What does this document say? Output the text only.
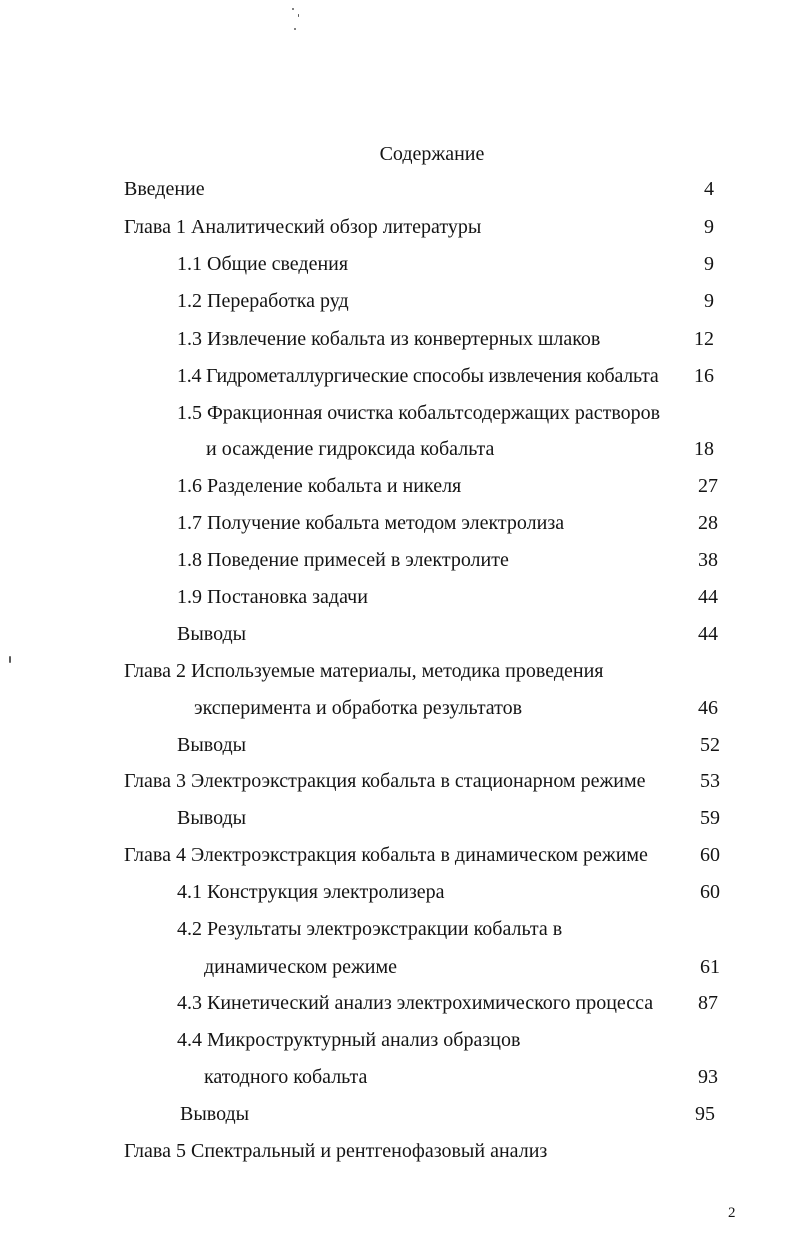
Содержание
Введение	4
Глава 1 Аналитический обзор литературы	9
1.1 Общие сведения	9
1.2 Переработка руд	9
1.3 Извлечение кобальта из конвертерных шлаков	12
1.4 Гидрометаллургические способы извлечения кобальта	16
1.5 Фракционная очистка кобальтсодержащих растворов
и осаждение гидроксида кобальта	18
1.6 Разделение кобальта и никеля	27
1.7 Получение кобальта методом электролиза	28
1.8 Поведение примесей в электролите	38
1.9 Постановка задачи	44
Выводы	44
Глава 2 Используемые материалы, методика проведения
эксперимента и обработка результатов	46
Выводы	52
Глава 3 Электроэкстракция кобальта в стационарном режиме	53
Выводы	59
Глава 4 Электроэкстракция кобальта в динамическом режиме	60
4.1 Конструкция электролизера	60
4.2 Результаты электроэкстракции кобальта в
динамическом режиме	61
4.3 Кинетический анализ электрохимического процесса	87
4.4 Микроструктурный анализ образцов
катодного кобальта	93
Выводы	95
Глава 5 Спектральный и рентгенофазовый анализ
2
